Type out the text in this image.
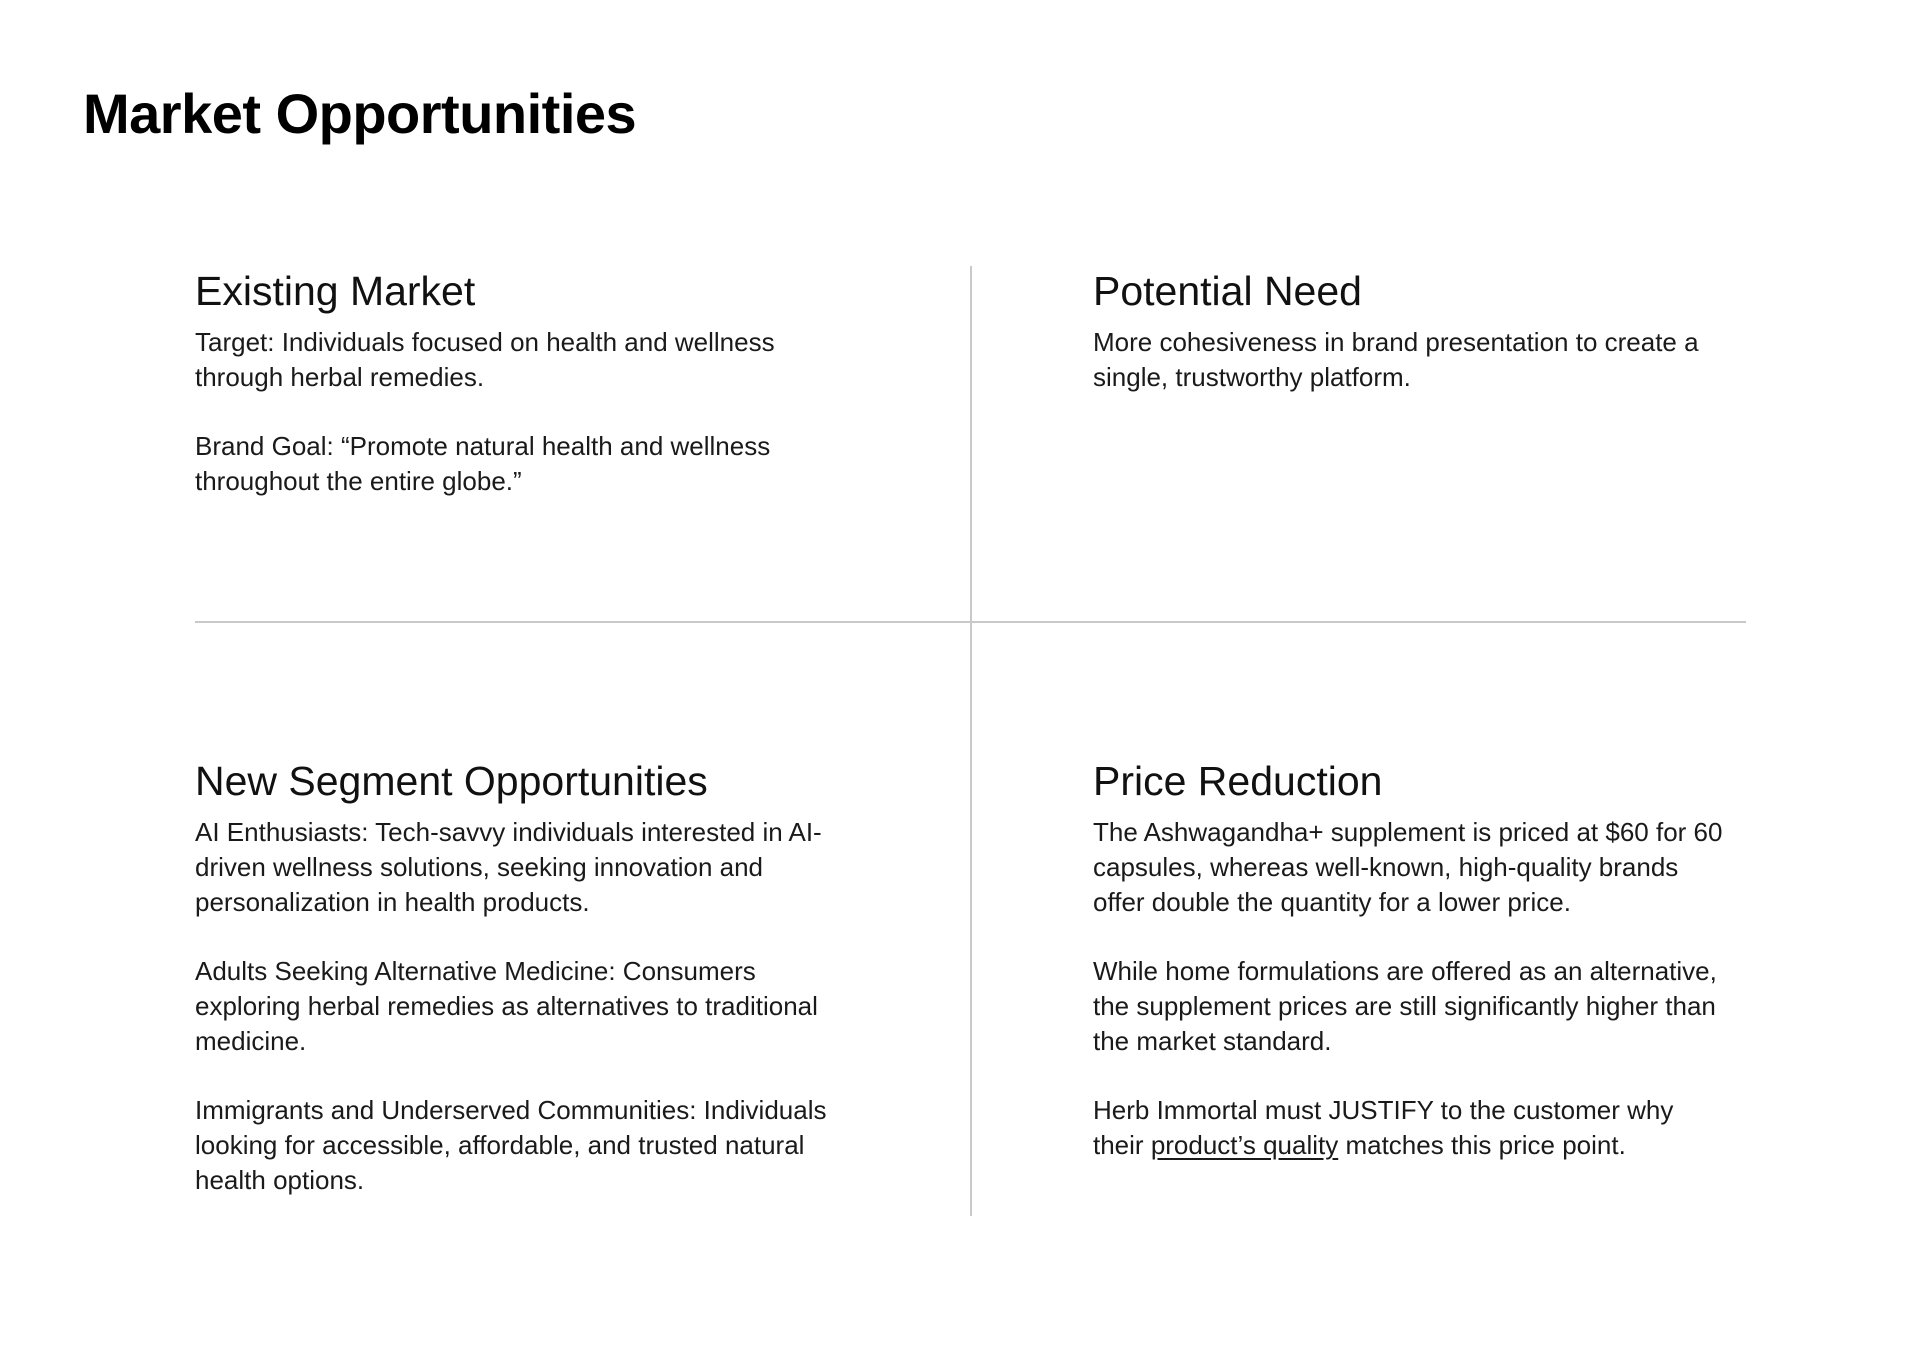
Market Opportunities
Existing Market

Target: Individuals focused on health and wellness through herbal remedies.

Brand Goal: “Promote natural health and wellness throughout the entire globe.”

Potential Need

More cohesiveness in brand presentation to create a single, trustworthy platform.

New Segment Opportunities

AI Enthusiasts: Tech-savvy individuals interested in AI-driven wellness solutions, seeking innovation and personalization in health products.

Adults Seeking Alternative Medicine: Consumers exploring herbal remedies as alternatives to traditional medicine.

Immigrants and Underserved Communities: Individuals looking for accessible, affordable, and trusted natural health options.

Price Reduction

The Ashwagandha+ supplement is priced at $60 for 60 capsules, whereas well-known, high-quality brands offer double the quantity for a lower price.

While home formulations are offered as an alternative, the supplement prices are still significantly higher than the market standard.

Herb Immortal must JUSTIFY to the customer why their product’s quality matches this price point.
